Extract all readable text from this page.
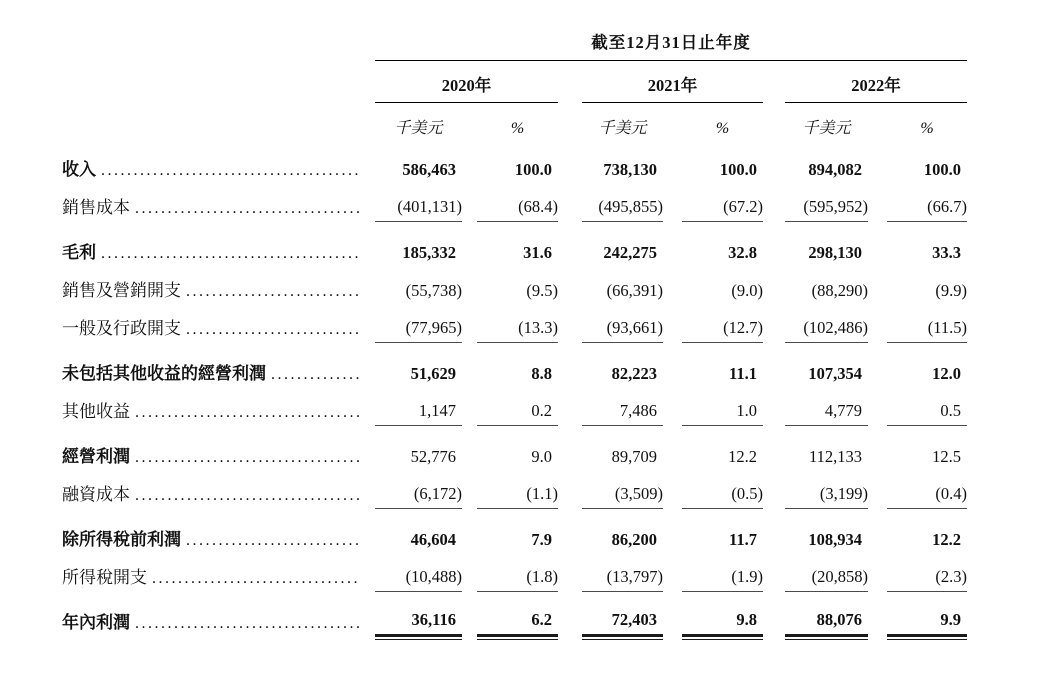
截至12月31日止年度
2020年	2021年	2022年
千美元	%	千美元	%	千美元	%
收入 .....	586,463	100.0	738,130	100.0	894,082	100.0
銷售成本 .....	(401,131)	(68.4)	(495,855)	(67.2)	(595,952)	(66.7)
毛利 .....	185,332	31.6	242,275	32.8	298,130	33.3
銷售及營銷開支 .....	(55,738)	(9.5)	(66,391)	(9.0)	(88,290)	(9.9)
一般及行政開支 .....	(77,965)	(13.3)	(93,661)	(12.7)	(102,486)	(11.5)
未包括其他收益的經營利潤 .....	51,629	8.8	82,223	11.1	107,354	12.0
其他收益 .....	1,147	0.2	7,486	1.0	4,779	0.5
經營利潤 .....	52,776	9.0	89,709	12.2	112,133	12.5
融資成本 .....	(6,172)	(1.1)	(3,509)	(0.5)	(3,199)	(0.4)
除所得稅前利潤 .....	46,604	7.9	86,200	11.7	108,934	12.2
所得稅開支 .....	(10,488)	(1.8)	(13,797)	(1.9)	(20,858)	(2.3)
年內利潤 .....	36,116	6.2	72,403	9.8	88,076	9.9
